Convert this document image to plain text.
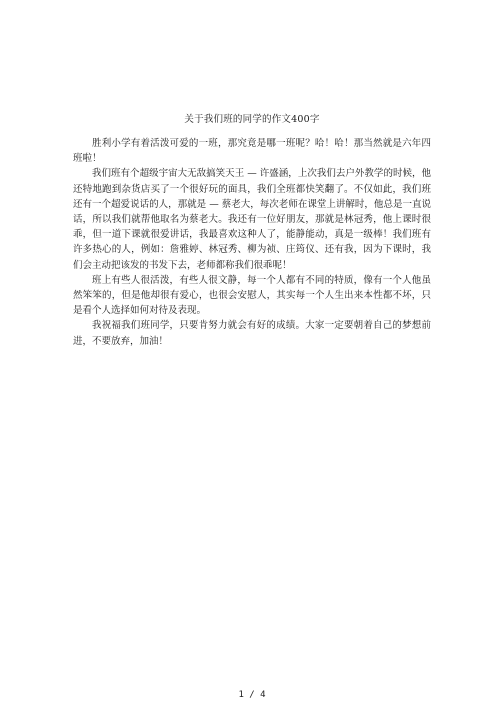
关于我们班的同学的作文400字

胜利小学有着活泼可爱的一班，那究竟是哪一班呢？哈！哈！那当然就是六年四班啦！

我们班有个超级宇宙大无敌搞笑天王 — 许盛涵，上次我们去户外教学的时候，他还特地跑到杂货店买了一个很好玩的面具，我们全班都快笑翻了。不仅如此，我们班还有一个超爱说话的人，那就是 — 蔡老大，每次老师在课堂上讲解时，他总是一直说话，所以我们就帮他取名为蔡老大。我还有一位好朋友，那就是林冠秀，他上课时很乖，但一道下课就很爱讲话，我最喜欢这种人了，能静能动，真是一级棒！我们班有许多热心的人，例如：詹雅婷、林冠秀、柳为祯、庄筠仪、还有我，因为下课时，我们会主动把该发的书发下去，老师都称我们很乖呢！

班上有些人很活泼，有些人很文静，每一个人都有不同的特质，像有一个人他虽然笨笨的，但是他却很有爱心，也很会安慰人，其实每一个人生出来本性都不坏，只是看个人选择如何对待及表现。

我祝福我们班同学，只要肯努力就会有好的成绩。大家一定要朝着自己的梦想前进，不要放弃，加油！

1 / 4
